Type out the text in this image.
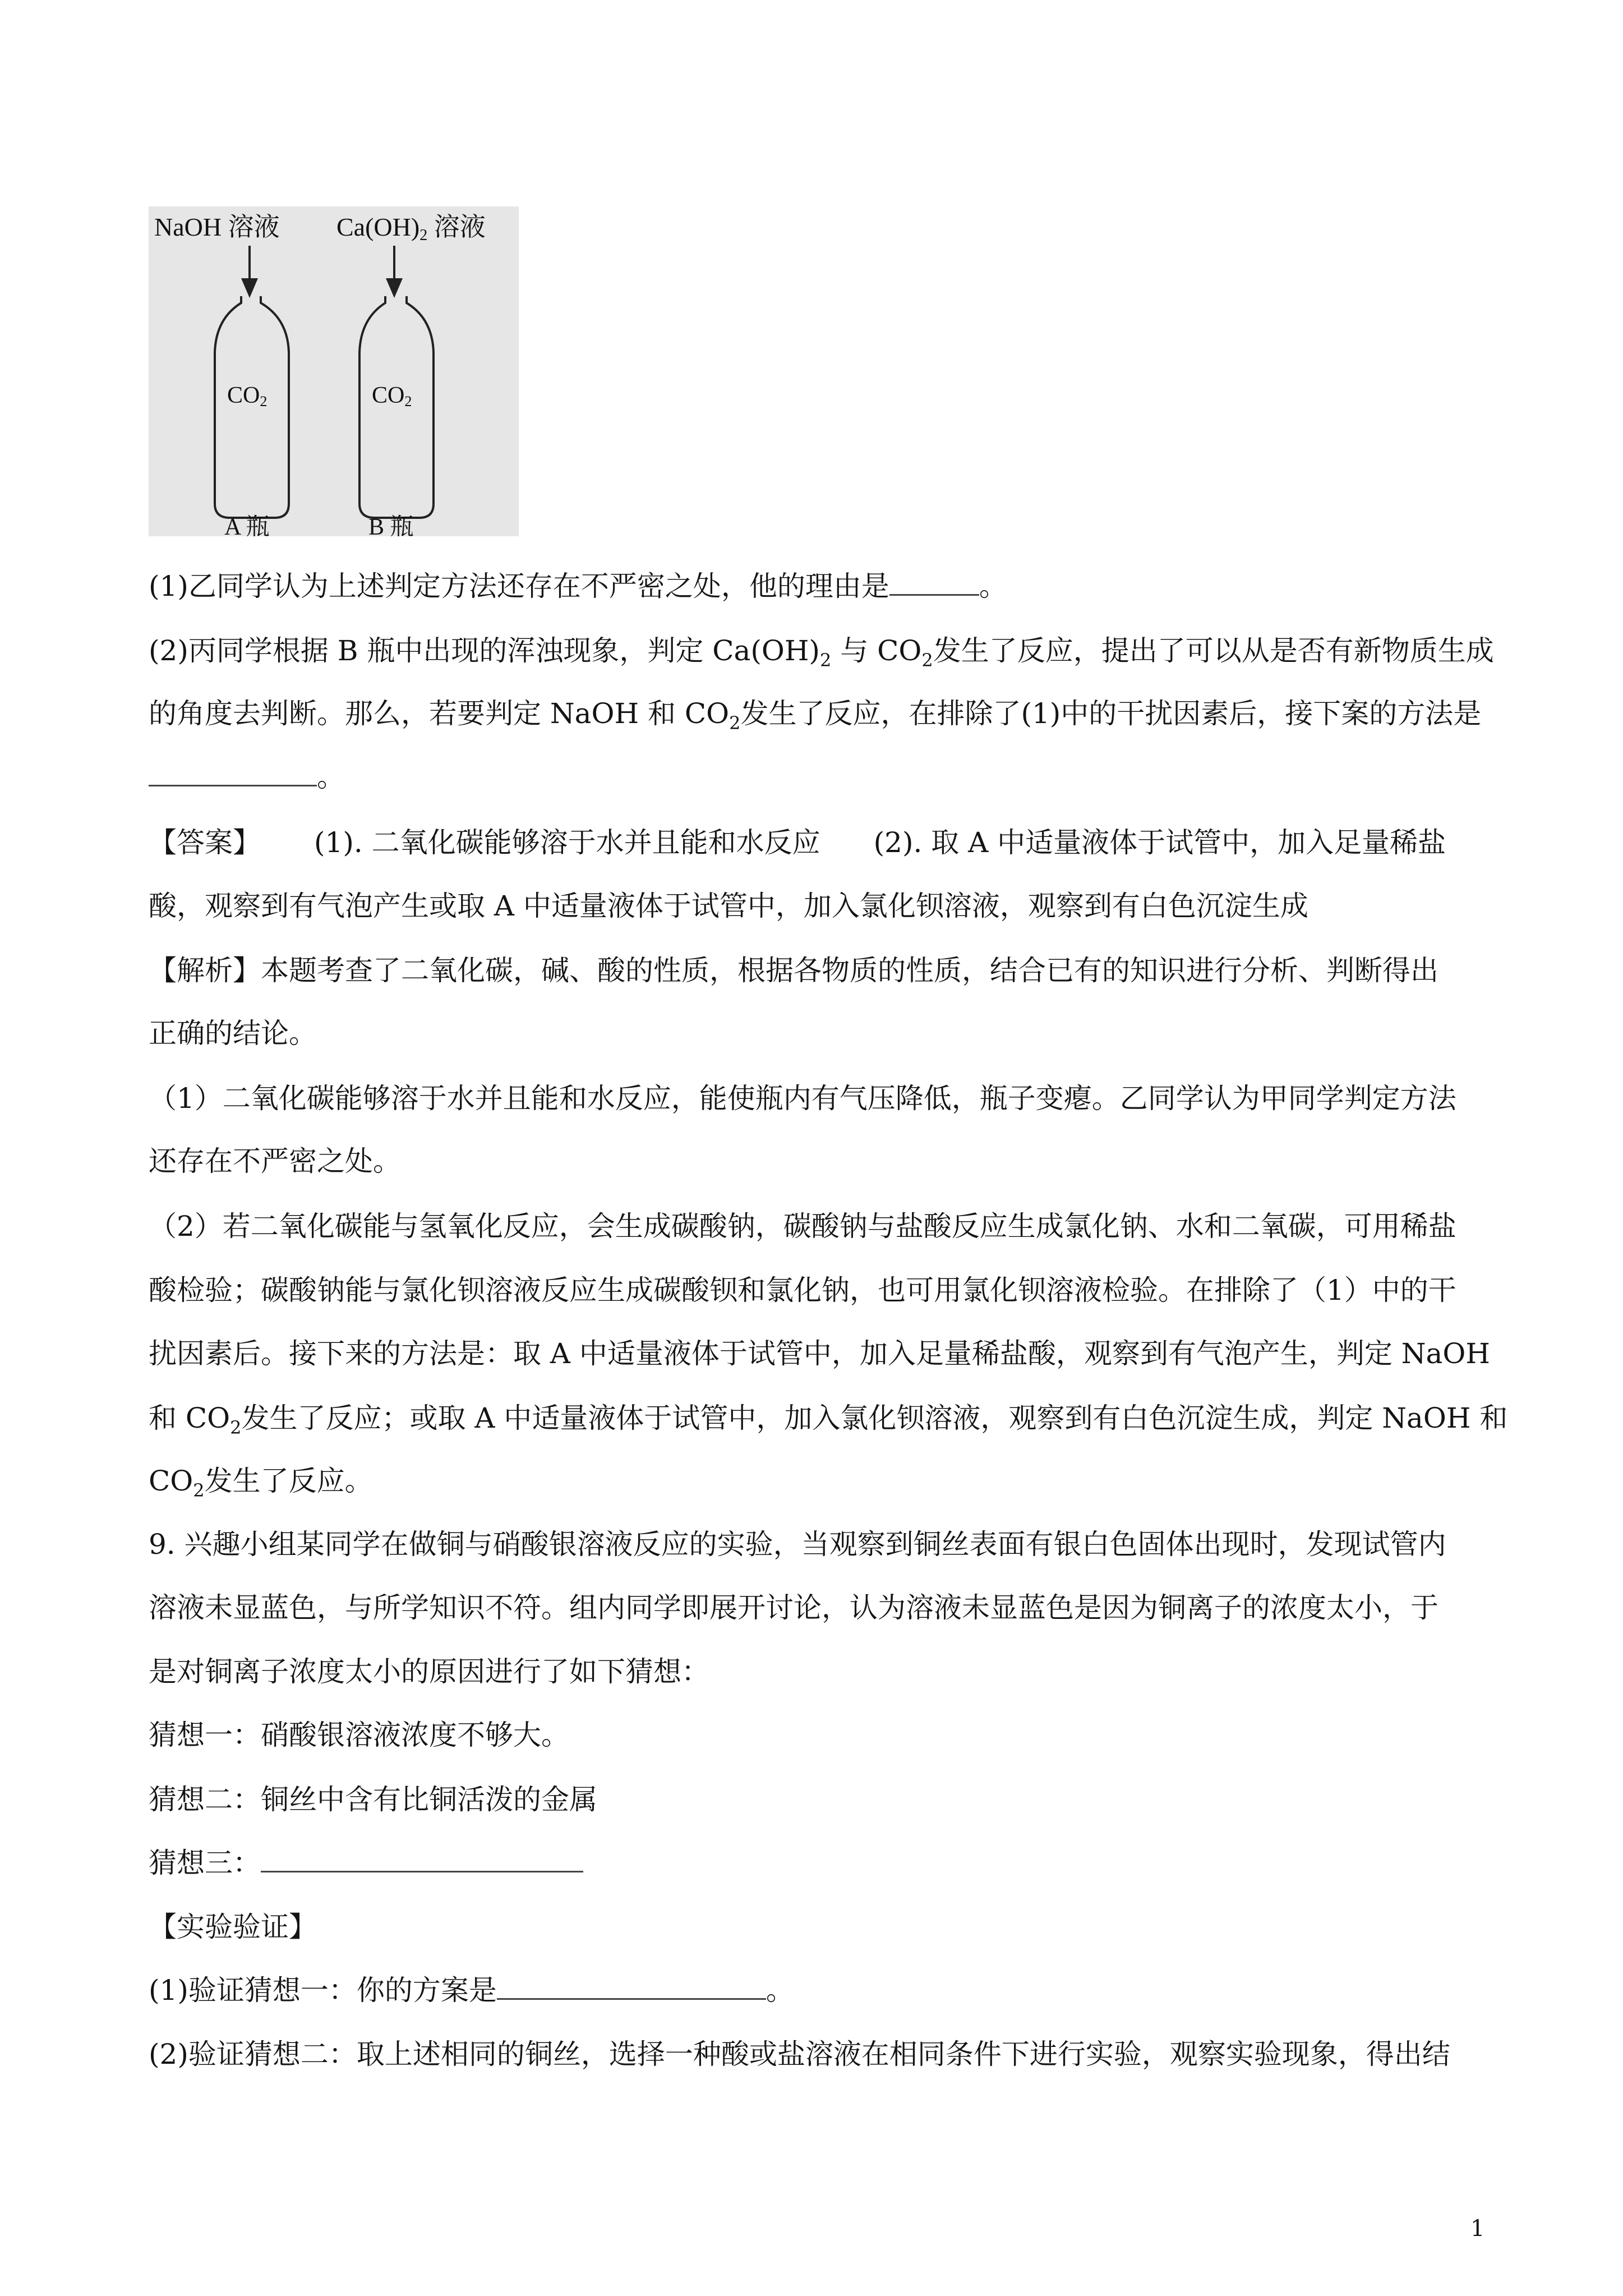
NaOH 溶液 Ca(OH)2 溶液
CO2	CO2
A 瓶	B 瓶
(1)乙同学认为上述判定方法还存在不严密之处，他的理由是	。
(2)丙同学根据 B 瓶中出现的浑浊现象，判定 $Ca(OH)_2$ 与 $CO_2$发生了反应，提出了可以从是否有新物质生成
的角度去判断。那么，若要判定 NaOH 和 $CO_2$发生了反应，在排除了(1)中的干扰因素后，接下案的方法是
。
【答案】 (1). 二氧化碳能够溶于水并且能和水反应 (2). 取 A 中适量液体于试管中，加入足量稀盐
酸，观察到有气泡产生或取 A 中适量液体于试管中，加入氯化钡溶液，观察到有白色沉淀生成
【解析】本题考查了二氧化碳，碱、酸的性质，根据各物质的性质，结合已有的知识进行分析、判断得出
正确的结论。
（1）二氧化碳能够溶于水并且能和水反应，能使瓶内有气压降低，瓶子变瘪。乙同学认为甲同学判定方法
还存在不严密之处。
（2）若二氧化碳能与氢氧化反应，会生成碳酸钠，碳酸钠与盐酸反应生成氯化钠、水和二氧碳，可用稀盐
酸检验；碳酸钠能与氯化钡溶液反应生成碳酸钡和氯化钠，也可用氯化钡溶液检验。在排除了（1）中的干
扰因素后。接下来的方法是：取 A 中适量液体于试管中，加入足量稀盐酸，观察到有气泡产生，判定 NaOH
和 $CO_2$发生了反应；或取 A 中适量液体于试管中，加入氯化钡溶液，观察到有白色沉淀生成，判定 NaOH 和
$CO_2$发生了反应。
9. 兴趣小组某同学在做铜与硝酸银溶液反应的实验，当观察到铜丝表面有银白色固体出现时，发现试管内
溶液未显蓝色，与所学知识不符。组内同学即展开讨论，认为溶液未显蓝色是因为铜离子的浓度太小，于
是对铜离子浓度太小的原因进行了如下猜想：
猜想一：硝酸银溶液浓度不够大。
猜想二：铜丝中含有比铜活泼的金属
猜想三：
【实验验证】
(1)验证猜想一：你的方案是	。
(2)验证猜想二：取上述相同的铜丝，选择一种酸或盐溶液在相同条件下进行实验，观察实验现象，得出结
1
